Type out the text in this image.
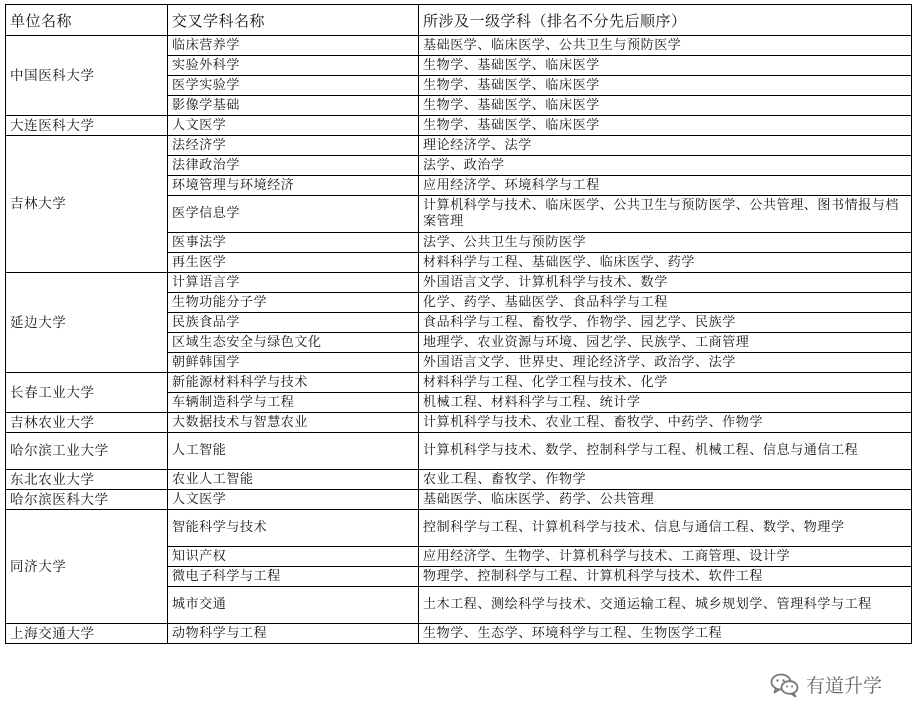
单位名称	交叉学科名称	所涉及一级学科（排名不分先后顺序）
中国医科大学	临床营养学	基础医学、临床医学、公共卫生与预防医学
	实验外科学	生物学、基础医学、临床医学
	医学实验学	生物学、基础医学、临床医学
	影像学基础	生物学、基础医学、临床医学
大连医科大学	人文医学	生物学、基础医学、临床医学
吉林大学	法经济学	理论经济学、法学
	法律政治学	法学、政治学
	环境管理与环境经济	应用经济学、环境科学与工程
	医学信息学	计算机科学与技术、临床医学、公共卫生与预防医学、公共管理、图书情报与档案管理
	医事法学	法学、公共卫生与预防医学
	再生医学	材料科学与工程、基础医学、临床医学、药学
延边大学	计算语言学	外国语言文学、计算机科学与技术、数学
	生物功能分子学	化学、药学、基础医学、食品科学与工程
	民族食品学	食品科学与工程、畜牧学、作物学、园艺学、民族学
	区域生态安全与绿色文化	地理学、农业资源与环境、园艺学、民族学、工商管理
	朝鲜韩国学	外国语言文学、世界史、理论经济学、政治学、法学
长春工业大学	新能源材料科学与技术	材料科学与工程、化学工程与技术、化学
	车辆制造科学与工程	机械工程、材料科学与工程、统计学
吉林农业大学	大数据技术与智慧农业	计算机科学与技术、农业工程、畜牧学、中药学、作物学
哈尔滨工业大学	人工智能	计算机科学与技术、数学、控制科学与工程、机械工程、信息与通信工程
东北农业大学	农业人工智能	农业工程、畜牧学、作物学
哈尔滨医科大学	人文医学	基础医学、临床医学、药学、公共管理
同济大学	智能科学与技术	控制科学与工程、计算机科学与技术、信息与通信工程、数学、物理学
	知识产权	应用经济学、生物学、计算机科学与技术、工商管理、设计学
	微电子科学与工程	物理学、控制科学与工程、计算机科学与技术、软件工程
	城市交通	土木工程、测绘科学与技术、交通运输工程、城乡规划学、管理科学与工程
上海交通大学	动物科学与工程	生物学、生态学、环境科学与工程、生物医学工程
有道升学
